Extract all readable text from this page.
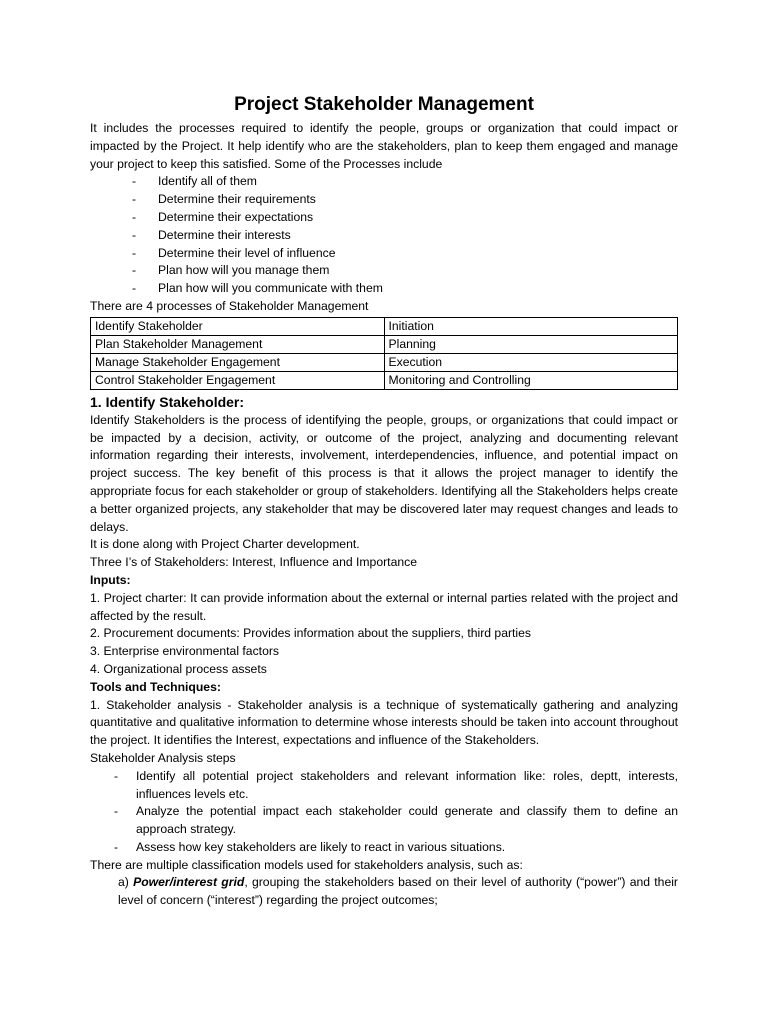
Project Stakeholder Management

It includes the processes required to identify the people, groups or organization that could impact or impacted by the Project. It help identify who are the stakeholders, plan to keep them engaged and manage your project to keep this satisfied. Some of the Processes include

- Identify all of them
- Determine their requirements
- Determine their expectations
- Determine their interests
- Determine their level of influence
- Plan how will you manage them
- Plan how will you communicate with them

There are 4 processes of Stakeholder Management

Identify Stakeholder	Initiation
Plan Stakeholder Management	Planning
Manage Stakeholder Engagement	Execution
Control Stakeholder Engagement	Monitoring and Controlling
1. Identify Stakeholder:

Identify Stakeholders is the process of identifying the people, groups, or organizations that could impact or be impacted by a decision, activity, or outcome of the project, analyzing and documenting relevant information regarding their interests, involvement, interdependencies, influence, and potential impact on project success. The key benefit of this process is that it allows the project manager to identify the appropriate focus for each stakeholder or group of stakeholders. Identifying all the Stakeholders helps create a better organized projects, any stakeholder that may be discovered later may request changes and leads to delays.

It is done along with Project Charter development.

Three I’s of Stakeholders: Interest, Influence and Importance

Inputs:

1. Project charter: It can provide information about the external or internal parties related with the project and affected by the result.

2. Procurement documents: Provides information about the suppliers, third parties

3. Enterprise environmental factors

4. Organizational process assets

Tools and Techniques:

1. Stakeholder analysis - Stakeholder analysis is a technique of systematically gathering and analyzing quantitative and qualitative information to determine whose interests should be taken into account throughout the project. It identifies the Interest, expectations and influence of the Stakeholders.

Stakeholder Analysis steps

- Identify all potential project stakeholders and relevant information like: roles, deptt, interests, influences levels etc.
- Analyze the potential impact each stakeholder could generate and classify them to define an approach strategy.
- Assess how key stakeholders are likely to react in various situations.

There are multiple classification models used for stakeholders analysis, such as:

a) Power/interest grid, grouping the stakeholders based on their level of authority (“power”) and their level of concern (“interest”) regarding the project outcomes;
